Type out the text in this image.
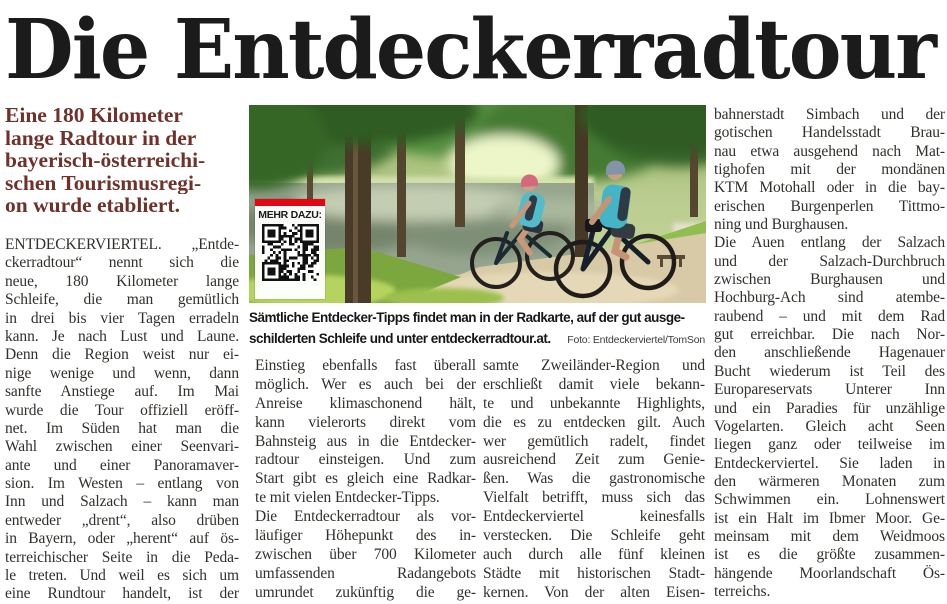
Die Entdeckerradtour
Eine 180 Kilometer
lange Radtour in der
bayerisch-österreichi-
schen Tourismusregi-
on wurde etabliert.
ENTDECKERVIERTEL. „Entde-
ckerradtour“ nennt sich die
neue, 180 Kilometer lange
Schleife, die man gemütlich
in drei bis vier Tagen erradeln
kann. Je nach Lust und Laune.
Denn die Region weist nur ei-
nige wenige und wenn, dann
sanfte Anstiege auf. Im Mai
wurde die Tour offiziell eröff-
net. Im Süden hat man die
Wahl zwischen einer Seenvari-
ante und einer Panoramaver-
sion. Im Westen – entlang von
Inn und Salzach – kann man
entweder „drent“, also drüben
in Bayern, oder „herent“ auf ös-
terreichischer Seite in die Peda-
le treten. Und weil es sich um
eine Rundtour handelt, ist der
MEHR DAZU:
Sämtliche Entdecker-Tipps findet man in der Radkarte, auf der gut ausge-
schilderten Schleife und unter entdeckerradtour.at. Foto: Entdeckerviertel/TomSon
Einstieg ebenfalls fast überall
möglich. Wer es auch bei der
Anreise klimaschonend hält,
kann vielerorts direkt vom
Bahnsteig aus in die Entdecker-
radtour einsteigen. Und zum
Start gibt es gleich eine Radkar-
te mit vielen Entdecker-Tipps.
Die Entdeckerradtour als vor-
läufiger Höhepunkt des in-
zwischen über 700 Kilometer
umfassenden Radangebots
umrundet zukünftig die ge-
samte Zweiländer-Region und
erschließt damit viele bekann-
te und unbekannte Highlights,
die es zu entdecken gilt. Auch
wer gemütlich radelt, findet
ausreichend Zeit zum Genie-
ßen. Was die gastronomische
Vielfalt betrifft, muss sich das
Entdeckerviertel keinesfalls
verstecken. Die Schleife geht
auch durch alle fünf kleinen
Städte mit historischen Stadt-
kernen. Von der alten Eisen-
bahnerstadt Simbach und der
gotischen Handelsstadt Brau-
nau etwa ausgehend nach Mat-
tighofen mit der mondänen
KTM Motohall oder in die bay-
erischen Burgenperlen Tittmo-
ning und Burghausen.
Die Auen entlang der Salzach
und der Salzach-Durchbruch
zwischen Burghausen und
Hochburg-Ach sind atembe-
raubend – und mit dem Rad
gut erreichbar. Die nach Nor-
den anschließende Hagenauer
Bucht wiederum ist Teil des
Europareservats Unterer Inn
und ein Paradies für unzählige
Vogelarten. Gleich acht Seen
liegen ganz oder teilweise im
Entdeckerviertel. Sie laden in
den wärmeren Monaten zum
Schwimmen ein. Lohnenswert
ist ein Halt im Ibmer Moor. Ge-
meinsam mit dem Weidmoos
ist es die größte zusammen-
hängende Moorlandschaft Ös-
terreichs.
